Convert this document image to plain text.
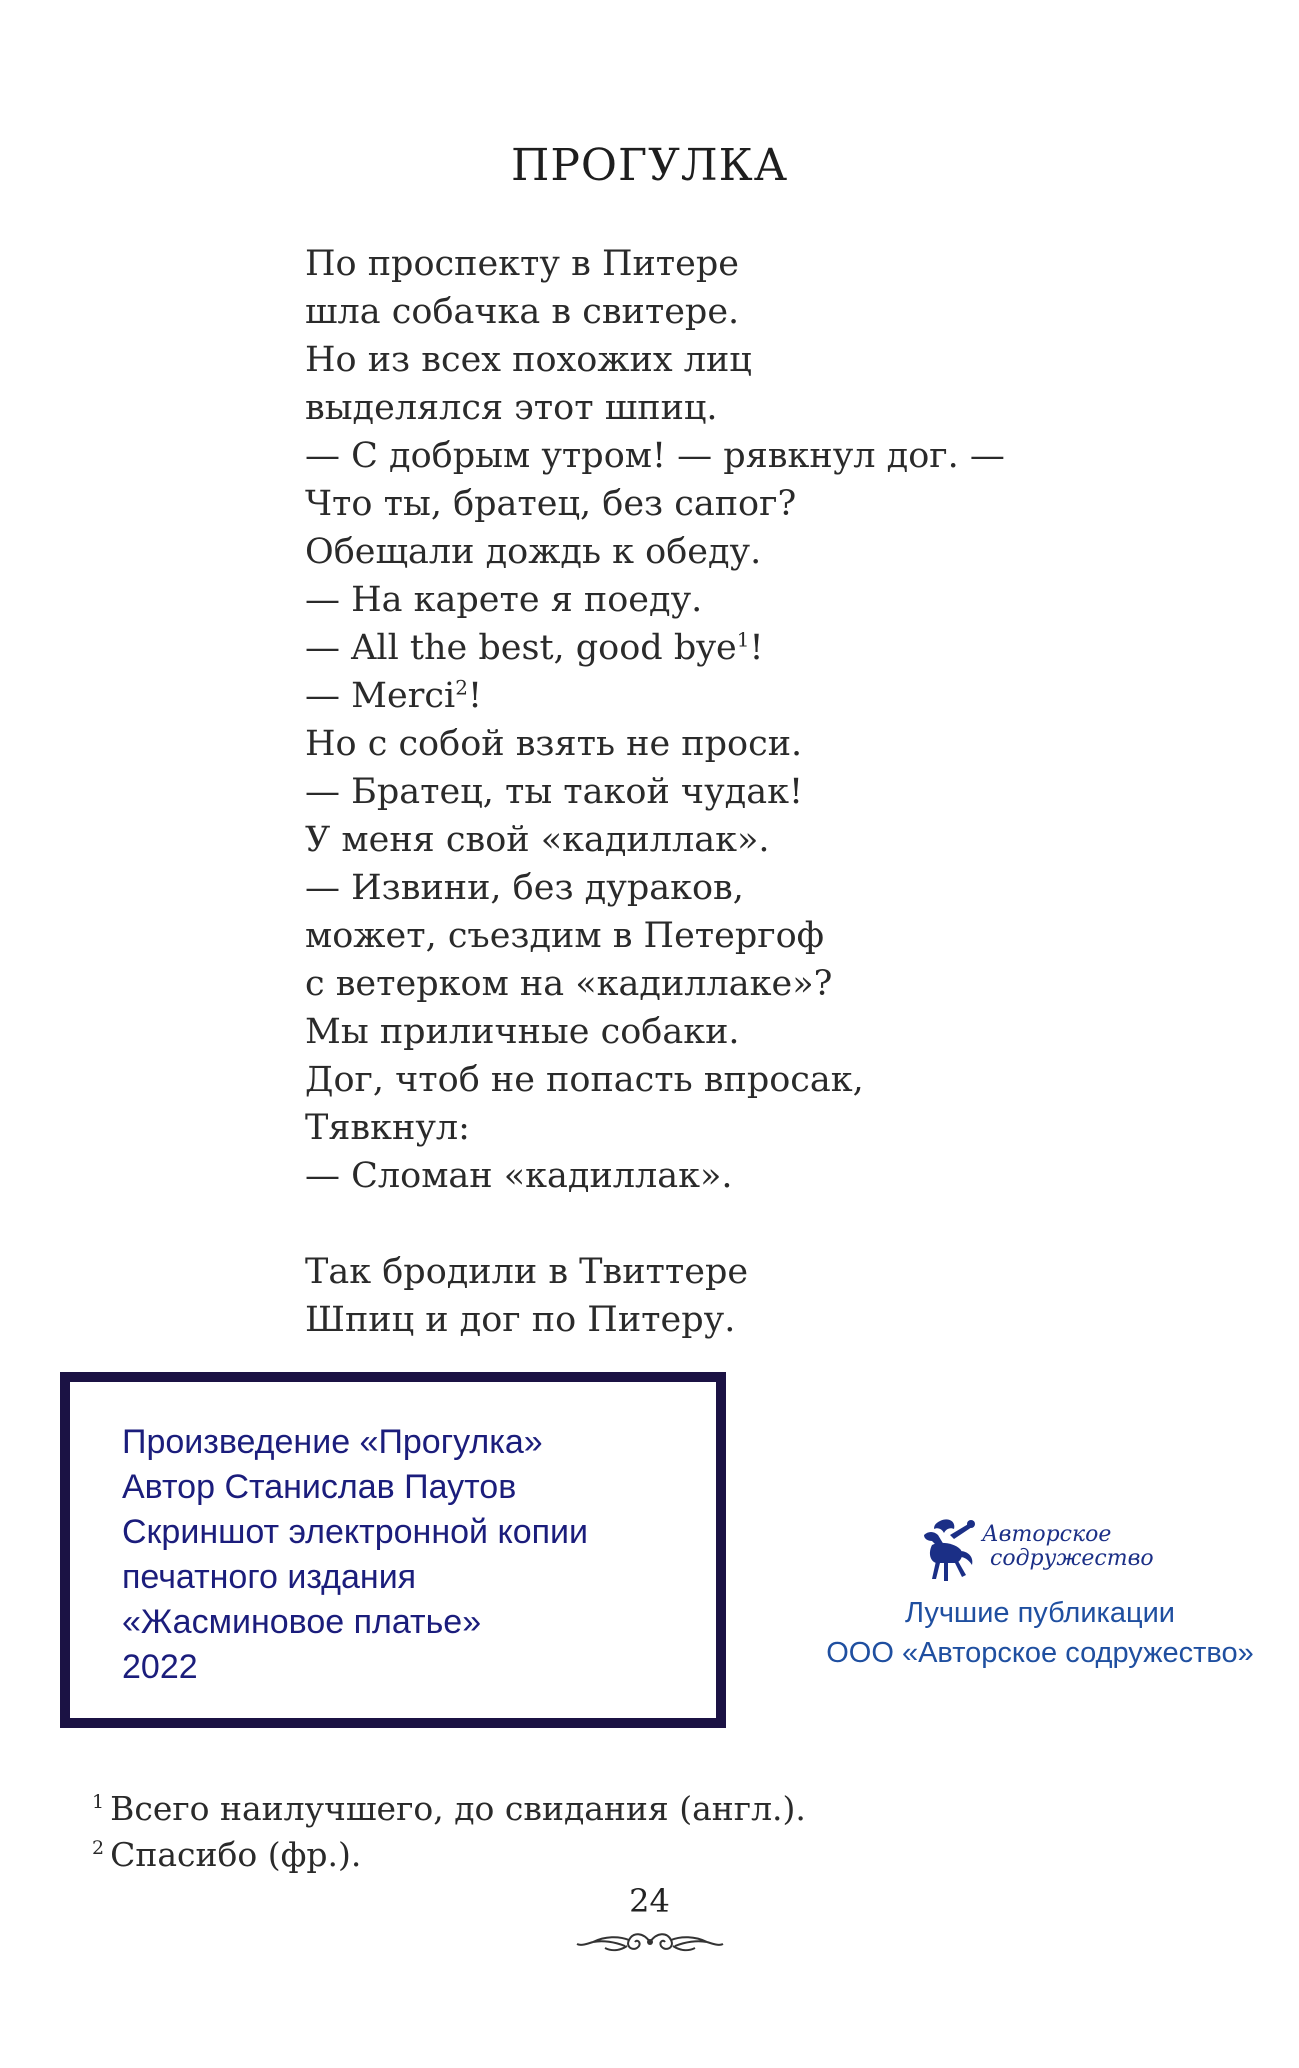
ПРОГУЛКА
По проспекту в Питере
шла собачка в свитере.
Но из всех похожих лиц
выделялся этот шпиц.
— С добрым утром! — рявкнул дог. —
Что ты, братец, без сапог?
Обещали дождь к обеду.
— На карете я поеду.
— All the best, good bye$^1$!
— Merci$^2$!
Но с собой взять не проси.
— Братец, ты такой чудак!
У меня свой «кадиллак».
— Извини, без дураков,
может, съездим в Петергоф
с ветерком на «кадиллаке»?
Мы приличные собаки.
Дог, чтоб не попасть впросак,
Тявкнул:
— Сломан «кадиллак».
Так бродили в Твиттере
Шпиц и дог по Питеру.
Произведение «Прогулка»
Автор Станислав Паутов
Скриншот электронной копии
печатного издания
«Жасминовое платье»
2022
Авторское
содружество
Лучшие публикации
ООО «Авторское содружество»
$^1$ Всего наилучшего, до свидания (англ.).
$^2$ Спасибо (фр.).
24
